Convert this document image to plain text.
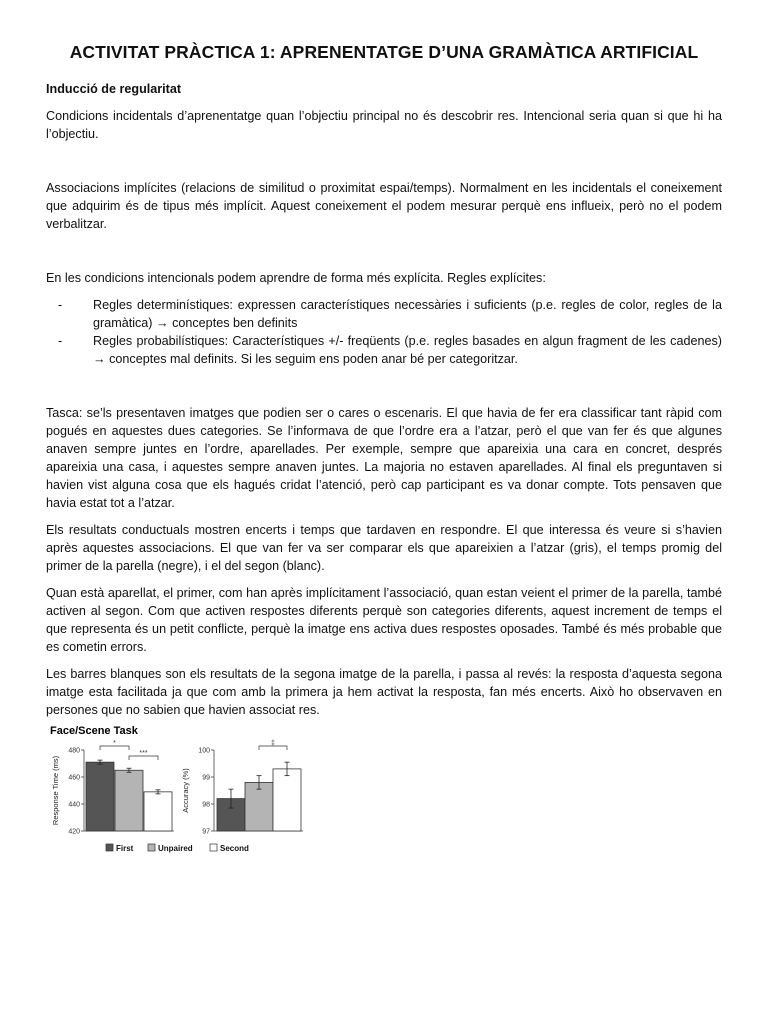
ACTIVITAT PRÀCTICA 1: APRENENTATGE D’UNA GRAMÀTICA ARTIFICIAL

Inducció de regularitat

Condicions incidentals d’aprenentatge quan l’objectiu principal no és descobrir res. Intencional seria quan si que hi ha l’objectiu.

Associacions implícites (relacions de similitud o proximitat espai/temps). Normalment en les incidentals el coneixement que adquirim és de tipus més implícit. Aquest coneixement el podem mesurar perquè ens influeix, però no el podem verbalitzar.

En les condicions intencionals podem aprendre de forma més explícita. Regles explícites:

- Regles determinístiques: expressen característiques necessàries i suficients (p.e. regles de color, regles de la gramàtica) → conceptes ben definits
- Regles probabilístiques: Característiques +/- freqüents (p.e. regles basades en algun fragment de les cadenes) → conceptes mal definits. Si les seguim ens poden anar bé per categoritzar.

Tasca: se’ls presentaven imatges que podien ser o cares o escenaris. El que havia de fer era classificar tant ràpid com pogués en aquestes dues categories. Se l’informava de que l’ordre era a l’atzar, però el que van fer és que algunes anaven sempre juntes en l’ordre, aparellades. Per exemple, sempre que apareixia una cara en concret, després apareixia una casa, i aquestes sempre anaven juntes. La majoria no estaven aparellades. Al final els preguntaven si havien vist alguna cosa que els hagués cridat l’atenció, però cap participant es va donar compte. Tots pensaven que havia estat tot a l’atzar.

Els resultats conductuals mostren encerts i temps que tardaven en respondre. El que interessa és veure si s’havien après aquestes associacions. El que van fer va ser comparar els que apareixien a l’atzar (gris), el temps promig del primer de la parella (negre), i el del segon (blanc).

Quan està aparellat, el primer, com han après implícitament l’associació, quan estan veient el primer de la parella, també activen al segon. Com que activen respostes diferents perquè son categories diferents, aquest increment de temps el que representa és un petit conflicte, perquè la imatge ens activa dues respostes oposades. També és més probable que es cometin errors.

Les barres blanques son els resultats de la segona imatge de la parella, i passa al revés: la resposta d’aquesta segona imatge esta facilitada ja que com amb la primera ja hem activat la resposta, fan més encerts. Això ho observaven en persones que no sabien que havien associat res.

Face/Scene Task
480
460
440
420
Response Time (ms)
*
***	100
99
98
97
Accuracy (%)
‡
First	Unpaired	Second
